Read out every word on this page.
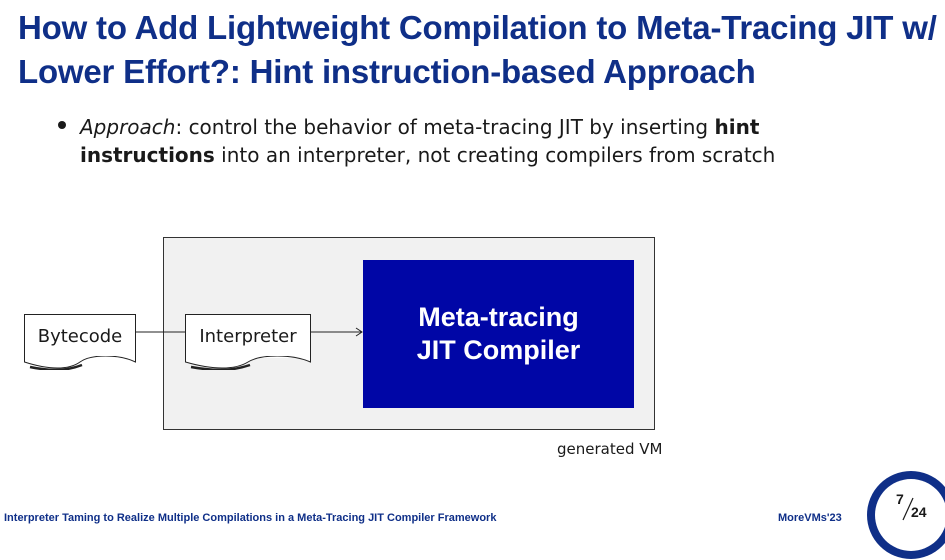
How to Add Lightweight Compilation to Meta-Tracing JIT w/ Lower Effort?: Hint instruction-based Approach
Approach: control the behavior of meta-tracing JIT by inserting hint instructions into an interpreter, not creating compilers from scratch
Meta-tracing
JIT Compiler
Bytecode	Interpreter
generated VM
Interpreter Taming to Realize Multiple Compilations in a Meta-Tracing JIT Compiler Framework	MoreVMs'23
7
24
